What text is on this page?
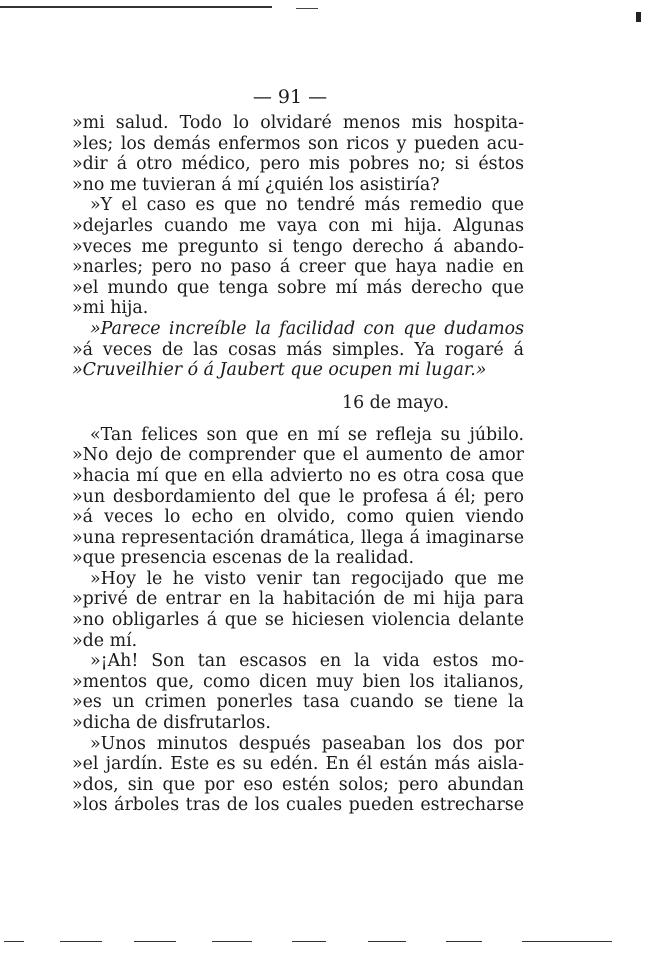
— 91 —
»mi salud. Todo lo olvidaré menos mis hospita-
»les; los demás enfermos son ricos y pueden acu-
»dir á otro médico, pero mis pobres no; si éstos
»no me tuvieran á mí ¿quién los asistiría?
»Y el caso es que no tendré más remedio que
»dejarles cuando me vaya con mi hija. Algunas
»veces me pregunto si tengo derecho á abando-
»narles; pero no paso á creer que haya nadie en
»el mundo que tenga sobre mí más derecho que
»mi hija.
»Parece increíble la facilidad con que dudamos
»á veces de las cosas más simples. Ya rogaré á
»Cruveilhier ó á Jaubert que ocupen mi lugar.»
16 de mayo.
«Tan felices son que en mí se refleja su júbilo.
»No dejo de comprender que el aumento de amor
»hacia mí que en ella advierto no es otra cosa que
»un desbordamiento del que le profesa á él; pero
»á veces lo echo en olvido, como quien viendo
»una representación dramática, llega á imaginarse
»que presencia escenas de la realidad.
»Hoy le he visto venir tan regocijado que me
»privé de entrar en la habitación de mi hija para
»no obligarles á que se hiciesen violencia delante
»de mí.
»¡Ah! Son tan escasos en la vida estos mo-
»mentos que, como dicen muy bien los italianos,
»es un crimen ponerles tasa cuando se tiene la
»dicha de disfrutarlos.
»Unos minutos después paseaban los dos por
»el jardín. Este es su edén. En él están más aisla-
»dos, sin que por eso estén solos; pero abundan
»los árboles tras de los cuales pueden estrecharse
